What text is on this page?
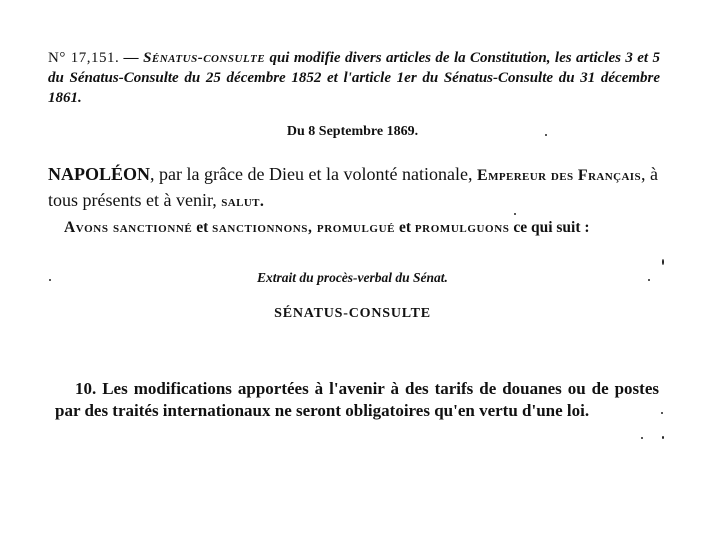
N° 17,151. — Sénatus-consulte qui modifie divers articles de la Constitution, les articles 3 et 5 du Sénatus-Consulte du 25 décembre 1852 et l'article 1er du Sénatus-Consulte du 31 décembre 1861.
Du 8 Septembre 1869.
NAPOLÉON, par la grâce de Dieu et la volonté nationale, Empereur des Français, à tous présents et à venir, salut.
Avons sanctionné et sanctionnons, promulgué et promulguons ce qui suit :
Extrait du procès-verbal du Sénat.
SÉNATUS-CONSULTE
10. Les modifications apportées à l'avenir à des tarifs de douanes ou de postes par des traités internationaux ne seront obligatoires qu'en vertu d'une loi.
